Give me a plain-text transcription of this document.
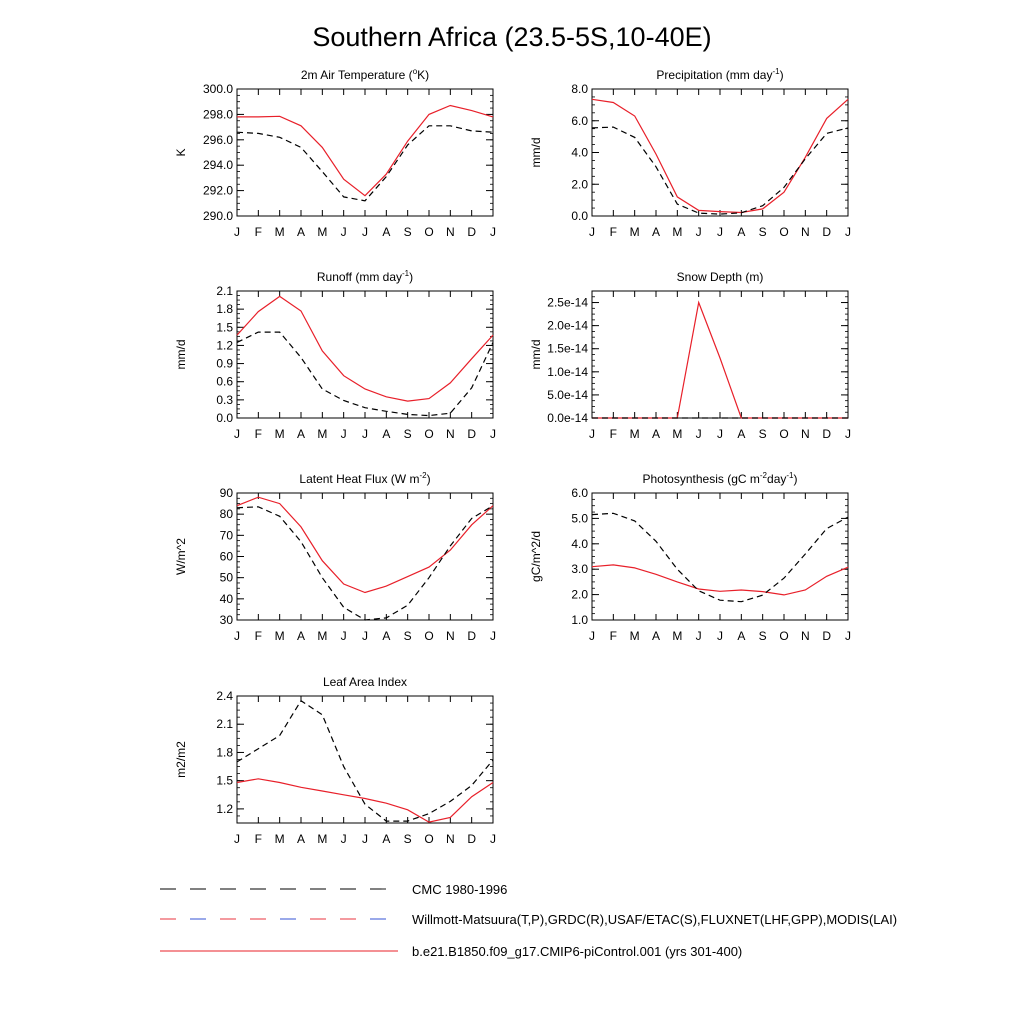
Southern Africa (23.5-5S,10-40E)
2m Air Temperature ($^o$K)
K
J F M A M J J A S O N D J
290.0
292.0
294.0
296.0
298.0
300.0
Precipitation (mm day$^{-1}$)
mm/d
J F M A M J J A S O N D J
0.0
2.0
4.0
6.0
8.0
Runoff (mm day$^{-1}$)
mm/d
J F M A M J J A S O N D J
0.0
0.3
0.6
0.9
1.2
1.5
1.8
2.1
Snow Depth (m)
mm/d
J F M A M J J A S O N D J
0.0e-14
5.0e-14
1.0e-14
1.5e-14
2.0e-14
2.5e-14
Latent Heat Flux (W $m^{-2}$)
W/m^2
J F M A M J J A S O N D J
30
40
50
60
70
80
90
Photosynthesis (gC $m^{-2}day^{-1}$)
gC/m^2/d
J F M A M J J A S O N D J
1.0
2.0
3.0
4.0
5.0
6.0
Leaf Area Index
m2/m2
J F M A M J J A S O N D J
1.2
1.5
1.8
2.1
2.4
CMC 1980-1996
Willmott-Matsuura(T,P),GRDC(R),USAF/ETAC(S),FLUXNET(LHF,GPP),MODIS(LAI)
b.e21.B1850.f09_g17.CMIP6-piControl.001 (yrs 301-400)
